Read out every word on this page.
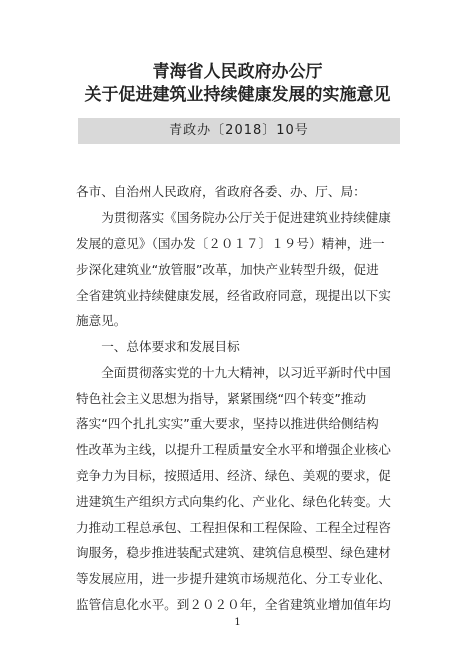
青海省人民政府办公厅
关于促进建筑业持续健康发展的实施意见
青政办〔2018〕10号
各市、自治州人民政府，省政府各委、办、厅、局：
　　为贯彻落实《国务院办公厅关于促进建筑业持续健康
发展的意见》（国办发〔２０１７〕１９号）精神，进一
步深化建筑业“放管服”改革，加快产业转型升级，促进
全省建筑业持续健康发展，经省政府同意，现提出以下实
施意见。
　　一、总体要求和发展目标
　　全面贯彻落实党的十九大精神，以习近平新时代中国
特色社会主义思想为指导，紧紧围绕“四个转变”推动
落实“四个扎扎实实”重大要求，坚持以推进供给侧结构
性改革为主线，以提升工程质量安全水平和增强企业核心
竞争力为目标，按照适用、经济、绿色、美观的要求，促
进建筑生产组织方式向集约化、产业化、绿色化转变。大
力推动工程总承包、工程担保和工程保险、工程全过程咨
询服务，稳步推进装配式建筑、建筑信息模型、绿色建材
等发展应用，进一步提升建筑市场规范化、分工专业化、
监管信息化水平。到２０２０年，全省建筑业增加值年均
1
